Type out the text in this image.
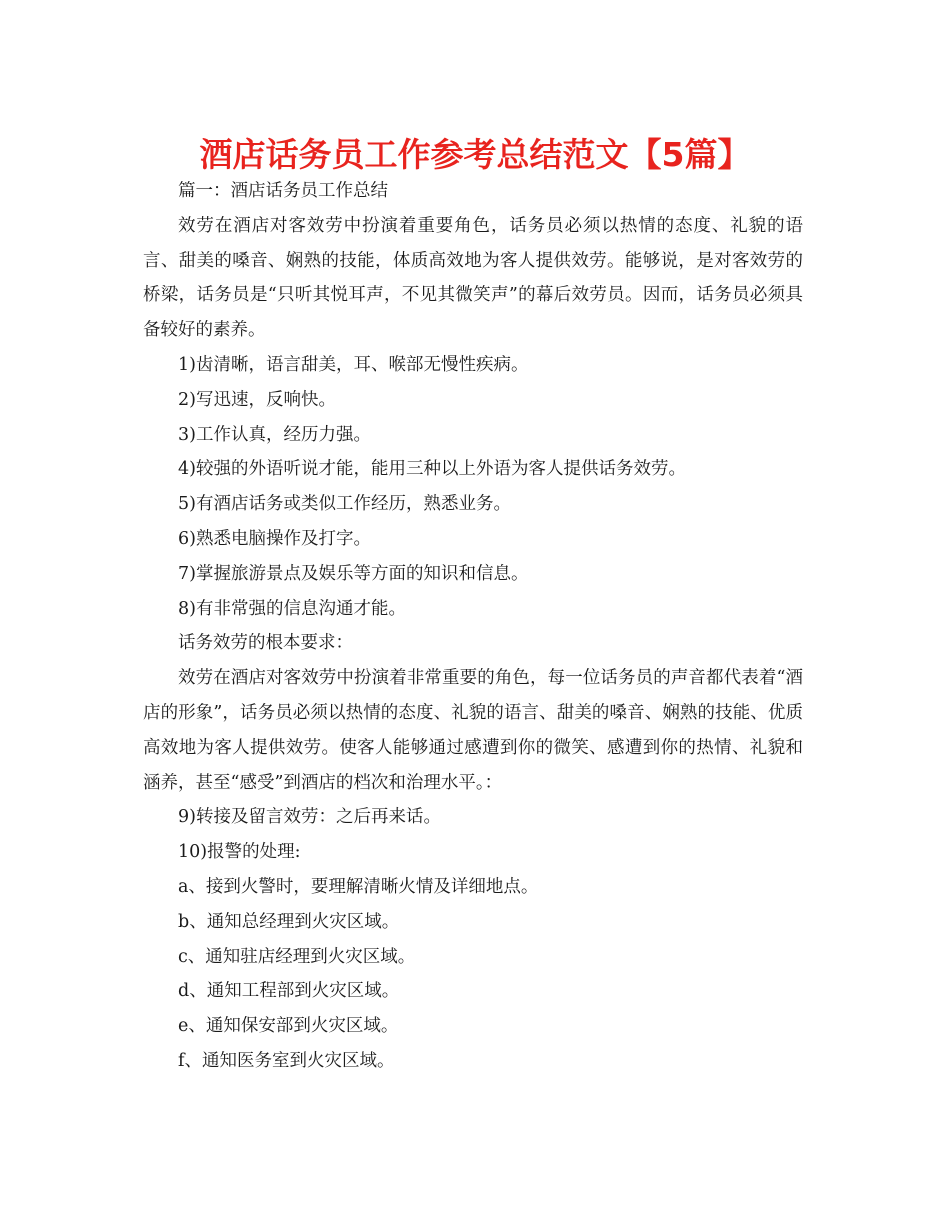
酒店话务员工作参考总结范文【5篇】

篇一：酒店话务员工作总结

效劳在酒店对客效劳中扮演着重要角色，话务员必须以热情的态度、礼貌的语言、甜美的嗓音、娴熟的技能，体质高效地为客人提供效劳。能够说，是对客效劳的桥梁，话务员是“只听其悦耳声，不见其微笑声”的幕后效劳员。因而，话务员必须具备较好的素养。

1)齿清晰，语言甜美，耳、喉部无慢性疾病。

2)写迅速，反响快。

3)工作认真，经历力强。

4)较强的外语听说才能，能用三种以上外语为客人提供话务效劳。

5)有酒店话务或类似工作经历，熟悉业务。

6)熟悉电脑操作及打字。

7)掌握旅游景点及娱乐等方面的知识和信息。

8)有非常强的信息沟通才能。

话务效劳的根本要求：

效劳在酒店对客效劳中扮演着非常重要的角色，每一位话务员的声音都代表着“酒店的形象”，话务员必须以热情的态度、礼貌的语言、甜美的嗓音、娴熟的技能、优质高效地为客人提供效劳。使客人能够通过感遭到你的微笑、感遭到你的热情、礼貌和涵养，甚至“感受”到酒店的档次和治理水平。：

9)转接及留言效劳：之后再来话。

10)报警的处理:

a、接到火警时，要理解清晰火情及详细地点。

b、通知总经理到火灾区域。

c、通知驻店经理到火灾区域。

d、通知工程部到火灾区域。

e、通知保安部到火灾区域。

f、通知医务室到火灾区域。
